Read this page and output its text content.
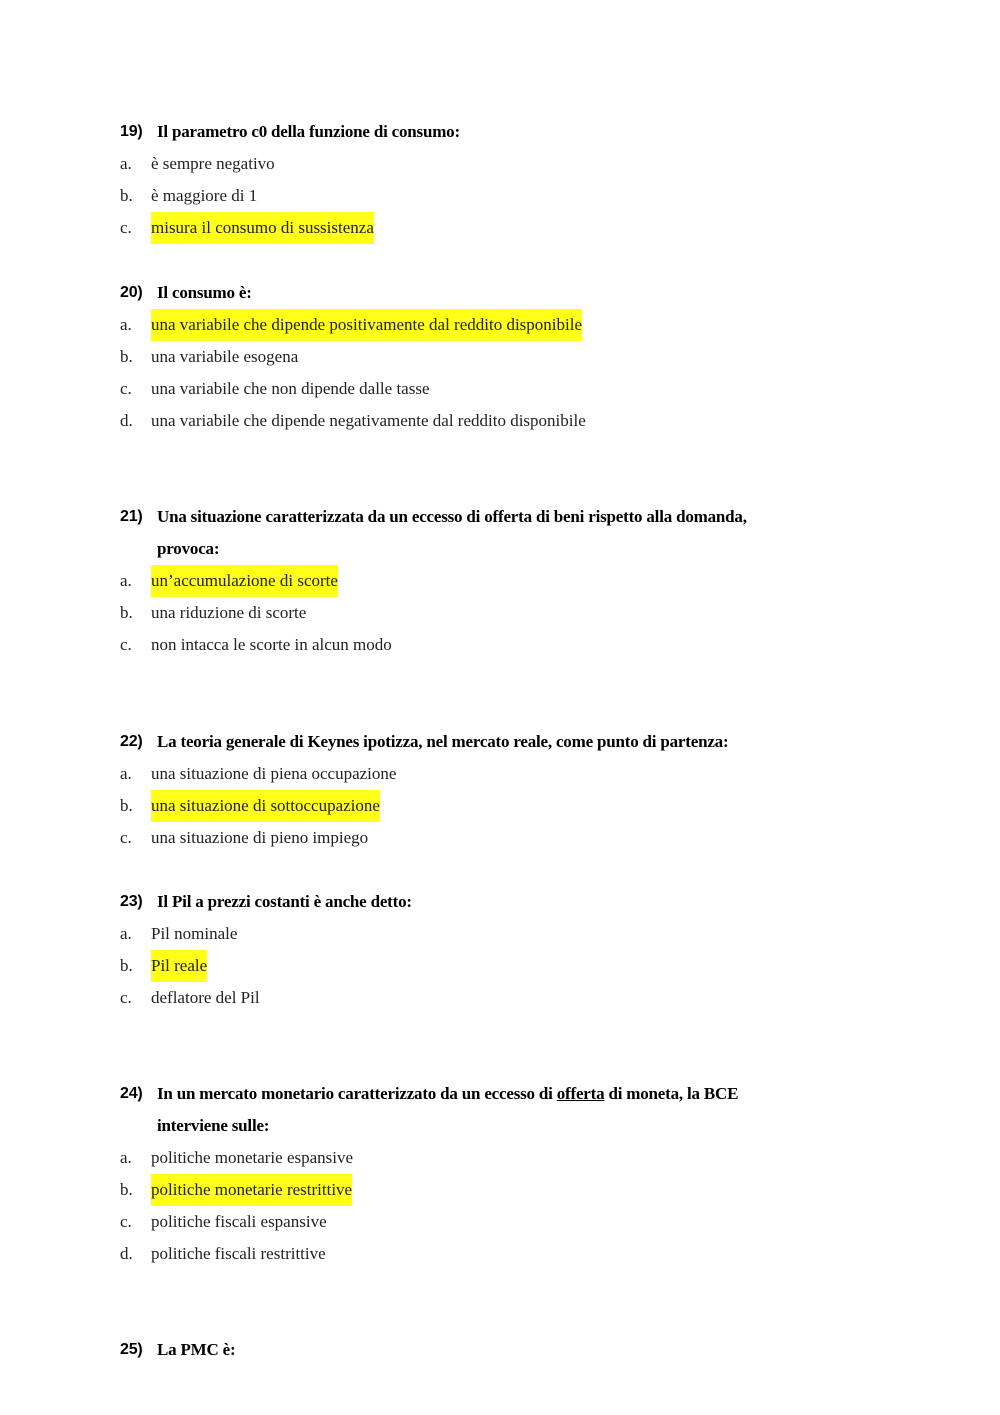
19) Il parametro c0 della funzione di consumo:
a.	è sempre negativo
b.	è maggiore di 1
c.	misura il consumo di sussistenza
20) Il consumo è:
a.	una variabile che dipende positivamente dal reddito disponibile
b.	una variabile esogena
c.	una variabile che non dipende dalle tasse
d.	una variabile che dipende negativamente dal reddito disponibile
21) Una situazione caratterizzata da un eccesso di offerta di beni rispetto alla domanda,
provoca:
a.	un’accumulazione di scorte
b.	una riduzione di scorte
c.	non intacca le scorte in alcun modo
22) La teoria generale di Keynes ipotizza, nel mercato reale, come punto di partenza:
a.	una situazione di piena occupazione
b.	una situazione di sottoccupazione
c.	una situazione di pieno impiego
23) Il Pil a prezzi costanti è anche detto:
a.	Pil nominale
b.	Pil reale
c.	deflatore del Pil
24) In un mercato monetario caratterizzato da un eccesso di offerta di moneta, la BCE
interviene sulle:
a.	politiche monetarie espansive
b.	politiche monetarie restrittive
c.	politiche fiscali espansive
d.	politiche fiscali restrittive
25) La PMC è:
